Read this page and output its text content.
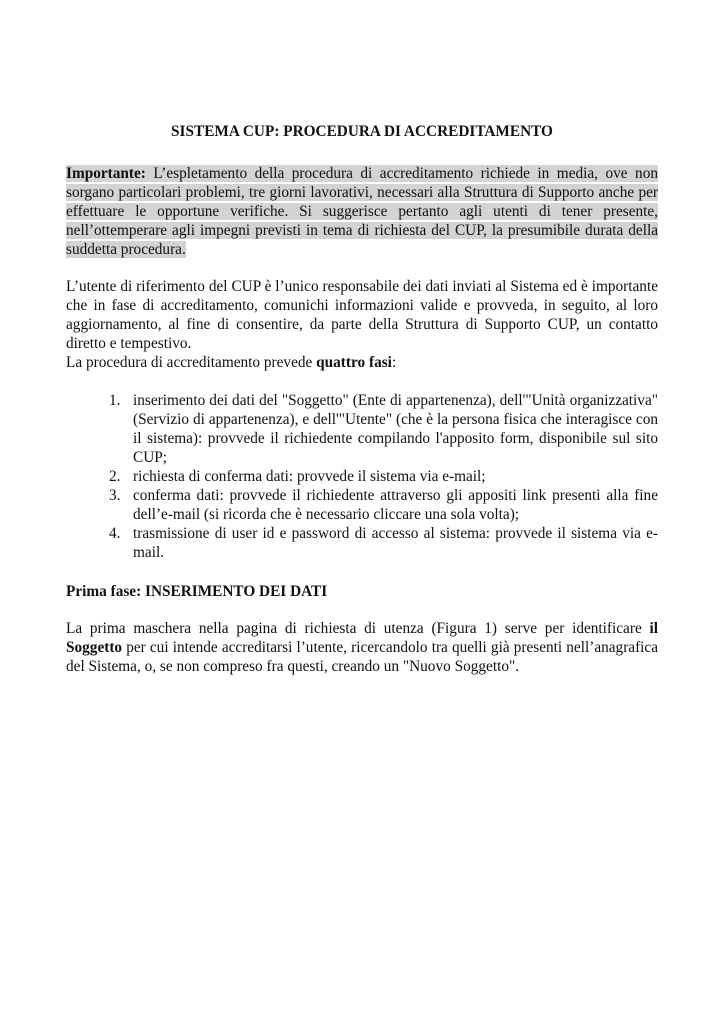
SISTEMA CUP: PROCEDURA DI ACCREDITAMENTO

Importante: L’espletamento della procedura di accreditamento richiede in media, ove non sorgano particolari problemi, tre giorni lavorativi, necessari alla Struttura di Supporto anche per effettuare le opportune verifiche. Si suggerisce pertanto agli utenti di tener presente, nell’ottemperare agli impegni previsti in tema di richiesta del CUP, la presumibile durata della suddetta procedura.

L’utente di riferimento del CUP è l’unico responsabile dei dati inviati al Sistema ed è importante che in fase di accreditamento, comunichi informazioni valide e provveda, in seguito, al loro aggiornamento, al fine di consentire, da parte della Struttura di Supporto CUP, un contatto diretto e tempestivo.

La procedura di accreditamento prevede quattro fasi:

1. inserimento dei dati del "Soggetto" (Ente di appartenenza), dell'"Unità organizzativa" (Servizio di appartenenza), e dell'"Utente" (che è la persona fisica che interagisce con il sistema): provvede il richiedente compilando l'apposito form, disponibile sul sito CUP;
2. richiesta di conferma dati: provvede il sistema via e-mail;
3. conferma dati: provvede il richiedente attraverso gli appositi link presenti alla fine dell’e-mail (si ricorda che è necessario cliccare una sola volta);
4. trasmissione di user id e password di accesso al sistema: provvede il sistema via e-mail.

Prima fase: INSERIMENTO DEI DATI

La prima maschera nella pagina di richiesta di utenza (Figura 1) serve per identificare il Soggetto per cui intende accreditarsi l’utente, ricercandolo tra quelli già presenti nell’anagrafica del Sistema, o, se non compreso fra questi, creando un "Nuovo Soggetto".
